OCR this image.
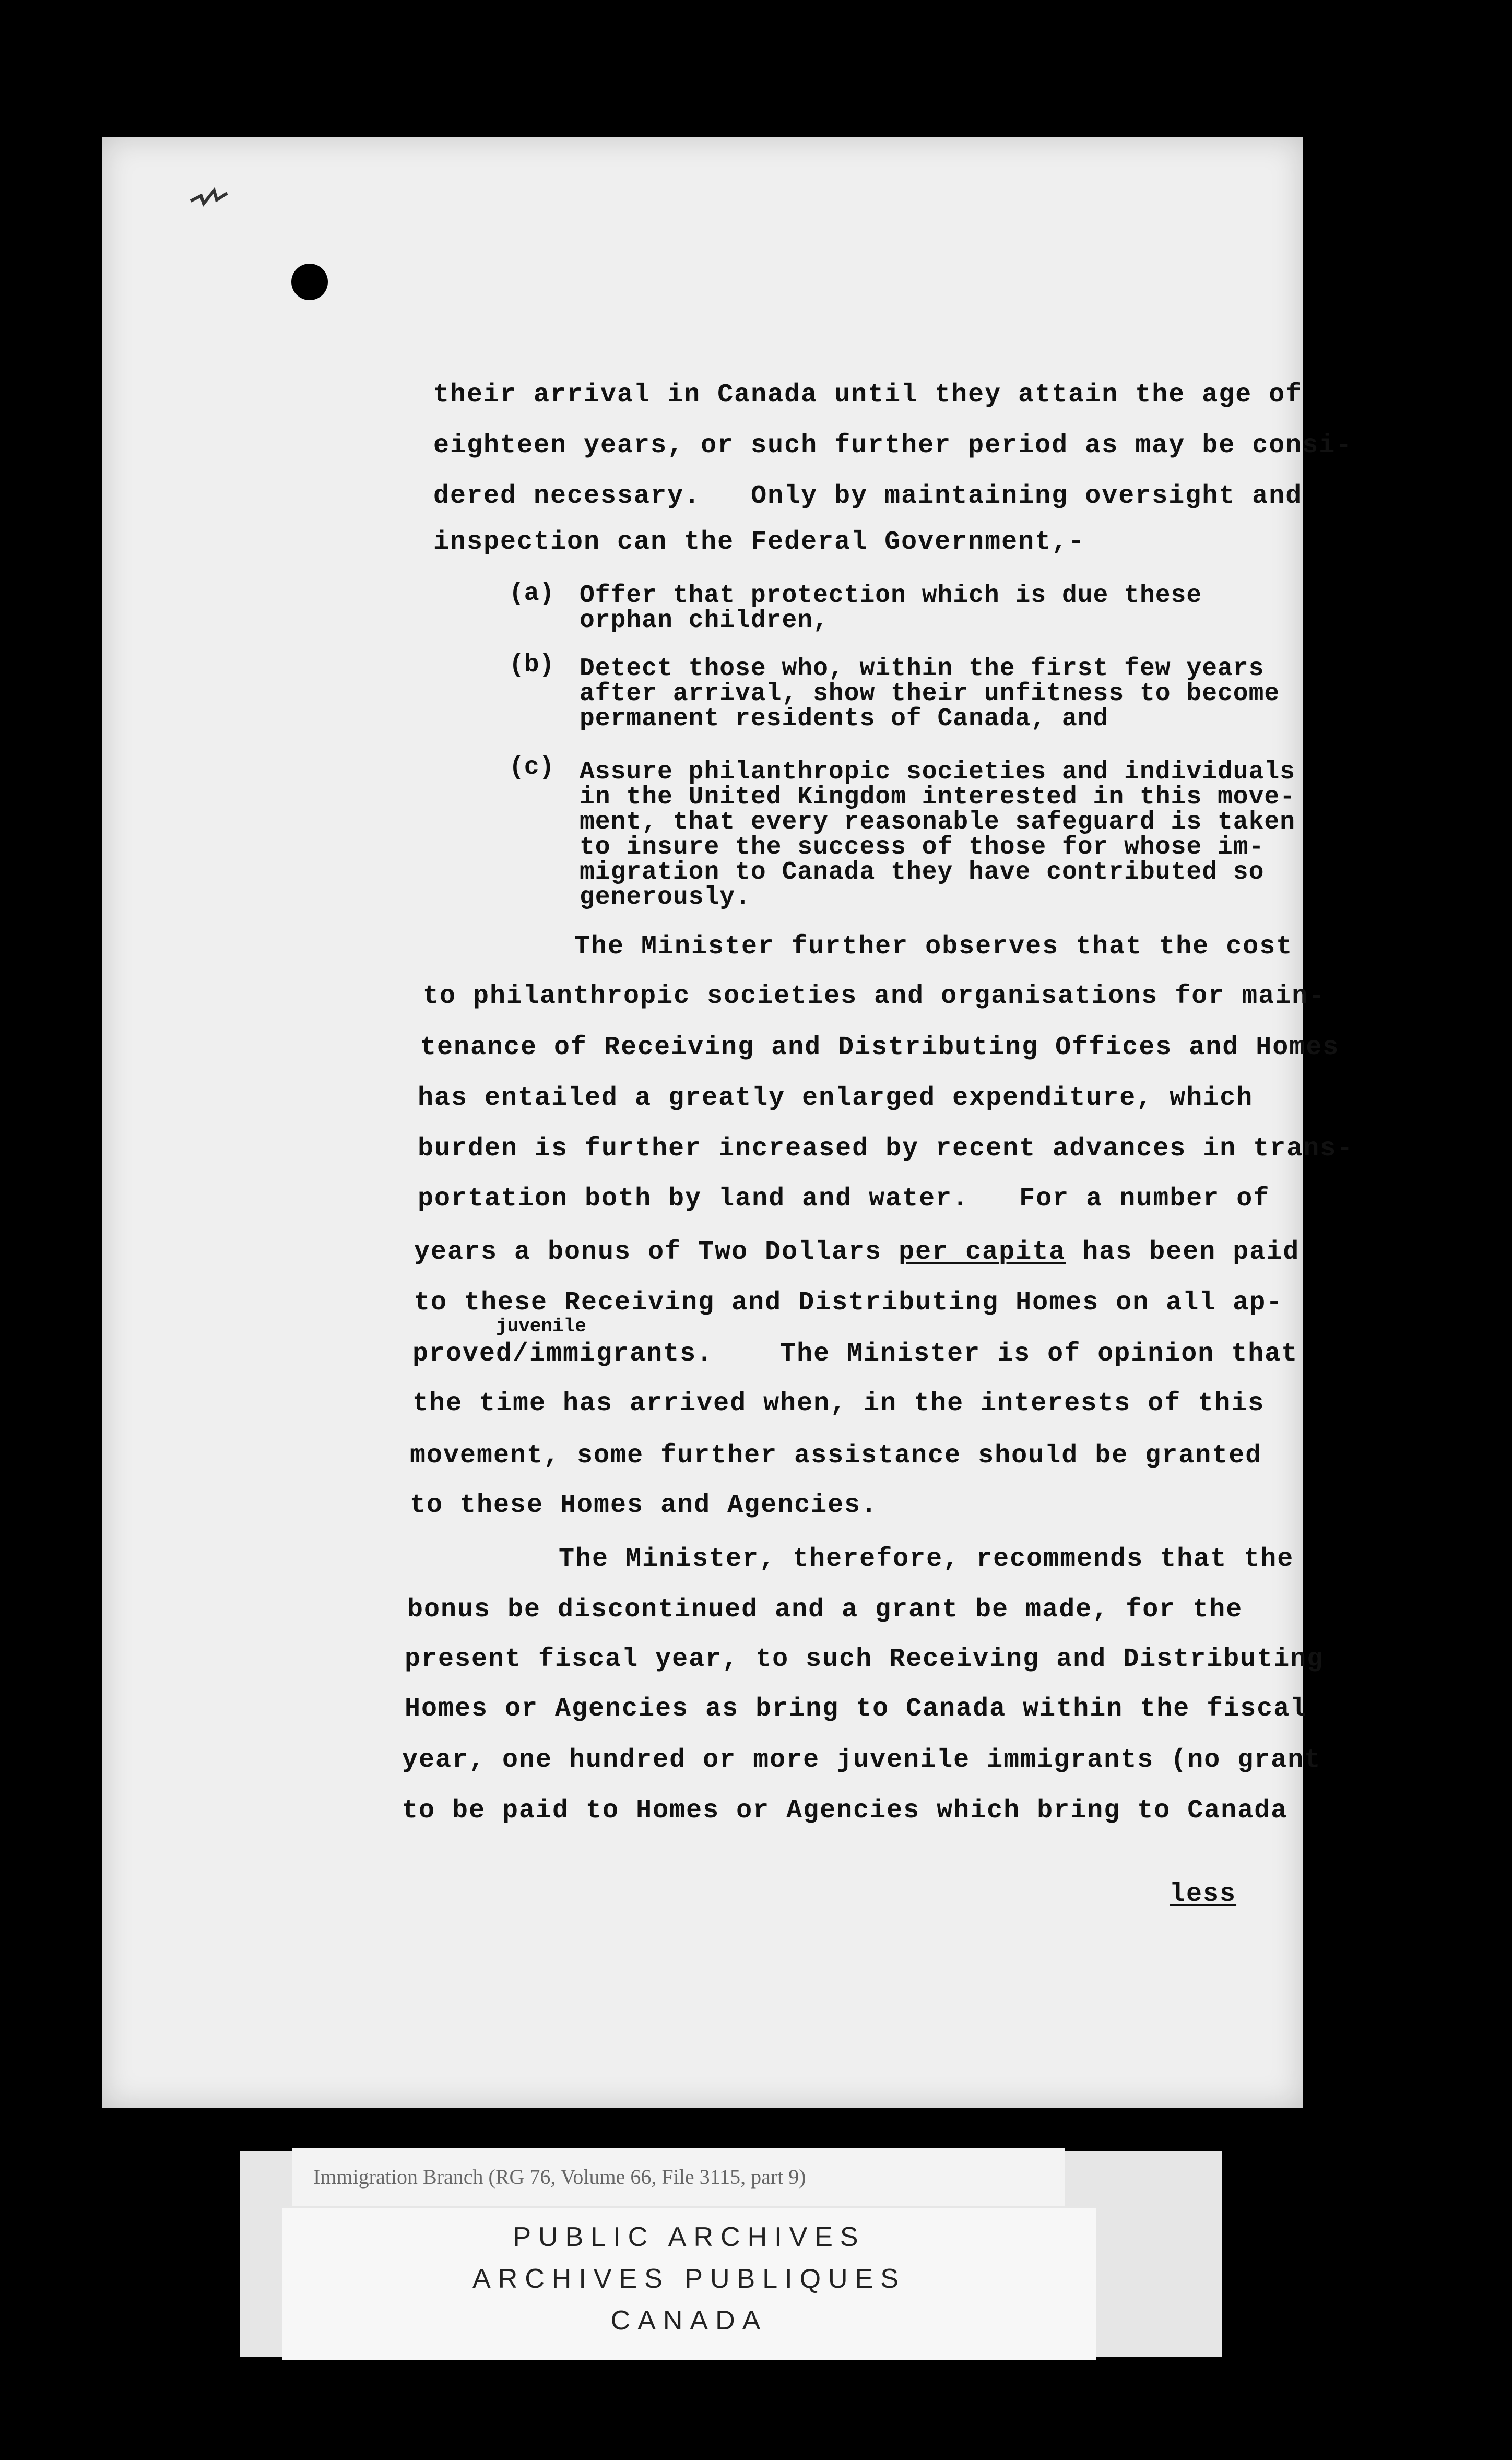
their arrival in Canada until they attain the age of
eighteen years, or such further period as may be consi-
dered necessary.   Only by maintaining oversight and
inspection can the Federal Government,-
(a) Offer that protection which is due these
orphan children,
(b) Detect those who, within the first few years
after arrival, show their unfitness to become
permanent residents of Canada, and
(c) Assure philanthropic societies and individuals
in the United Kingdom interested in this move-
ment, that every reasonable safeguard is taken
to insure the success of those for whose im-
migration to Canada they have contributed so
generously.
The Minister further observes that the cost
to philanthropic societies and organisations for main-
tenance of Receiving and Distributing Offices and Homes
has entailed a greatly enlarged expenditure, which
burden is further increased by recent advances in trans-
portation both by land and water.   For a number of
years a bonus of Two Dollars per capita has been paid
to these Receiving and Distributing Homes on all ap-
juvenile
proved/immigrants.    The Minister is of opinion that
the time has arrived when, in the interests of this
movement, some further assistance should be granted
to these Homes and Agencies.
The Minister, therefore, recommends that the
bonus be discontinued and a grant be made, for the
present fiscal year, to such Receiving and Distributing
Homes or Agencies as bring to Canada within the fiscal
year, one hundred or more juvenile immigrants (no grant
to be paid to Homes or Agencies which bring to Canada
less
Immigration Branch (RG 76, Volume 66, File 3115, part 9)
PUBLIC ARCHIVES
ARCHIVES PUBLIQUES
CANADA
